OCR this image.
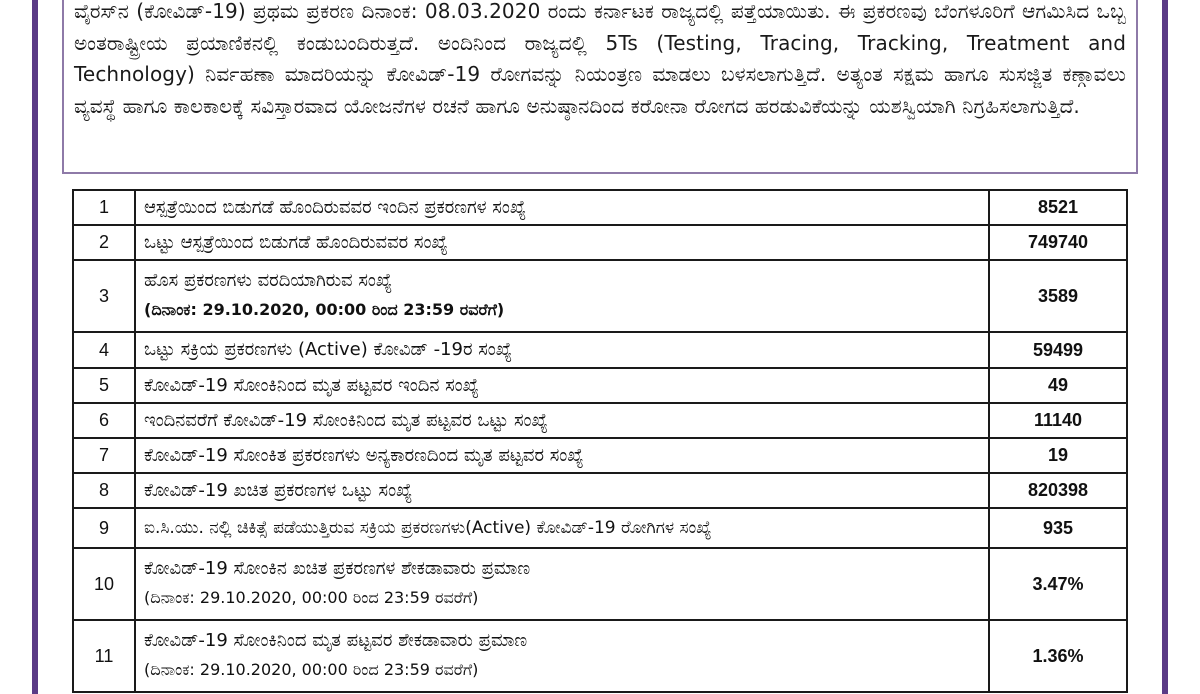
ವೈರಸ್‌ನ (ಕೋವಿಡ್-19) ಪ್ರಥಮ ಪ್ರಕರಣ ದಿನಾಂಕ: 08.03.2020 ರಂದು ಕರ್ನಾಟಕ ರಾಜ್ಯದಲ್ಲಿ ಪತ್ತೆಯಾಯಿತು. ಈ ಪ್ರಕರಣವು ಬೆಂಗಳೂರಿಗೆ ಆಗಮಿಸಿದ ಒಬ್ಬ ಅಂತರಾಷ್ಟ್ರೀಯ ಪ್ರಯಾಣಿಕನಲ್ಲಿ ಕಂಡುಬಂದಿರುತ್ತದೆ. ಅಂದಿನಿಂದ ರಾಜ್ಯದಲ್ಲಿ 5Ts (Testing, Tracing, Tracking, Treatment and Technology) ನಿರ್ವಹಣಾ ಮಾದರಿಯನ್ನು ಕೋವಿಡ್-19 ರೋಗವನ್ನು ನಿಯಂತ್ರಣ ಮಾಡಲು ಬಳಸಲಾಗುತ್ತಿದೆ. ಅತ್ಯಂತ ಸಕ್ಷಮ ಹಾಗೂ ಸುಸಜ್ಜಿತ ಕಣ್ಗಾವಲು ವ್ಯವಸ್ಥೆ ಹಾಗೂ ಕಾಲಕಾಲಕ್ಕೆ ಸವಿಸ್ತಾರವಾದ ಯೋಜನೆಗಳ ರಚನೆ ಹಾಗೂ ಅನುಷ್ಠಾನದಿಂದ ಕರೋನಾ ರೋಗದ ಹರಡುವಿಕೆಯನ್ನು ಯಶಸ್ವಿಯಾಗಿ ನಿಗ್ರಹಿಸಲಾಗುತ್ತಿದೆ.

1	ಆಸ್ಪತ್ರೆಯಿಂದ ಬಿಡುಗಡೆ ಹೊಂದಿರುವವರ ಇಂದಿನ ಪ್ರಕರಣಗಳ ಸಂಖ್ಯೆ	8521
2	ಒಟ್ಟು ಆಸ್ಪತ್ರೆಯಿಂದ ಬಿಡುಗಡೆ ಹೊಂದಿರುವವರ ಸಂಖ್ಯೆ	749740
3	ಹೊಸ ಪ್ರಕರಣಗಳು ವರದಿಯಾಗಿರುವ ಸಂಖ್ಯೆ
(ದಿನಾಂಕ: 29.10.2020, 00:00 ರಿಂದ 23:59 ರವರೆಗೆ)	3589
4	ಒಟ್ಟು ಸಕ್ರಿಯ ಪ್ರಕರಣಗಳು (Active) ಕೋವಿಡ್ -19ರ ಸಂಖ್ಯೆ	59499
5	ಕೋವಿಡ್-19 ಸೋಂಕಿನಿಂದ ಮೃತ ಪಟ್ಟವರ ಇಂದಿನ ಸಂಖ್ಯೆ	49
6	ಇಂದಿನವರೆಗೆ ಕೋವಿಡ್-19 ಸೋಂಕಿನಿಂದ ಮೃತ ಪಟ್ಟವರ ಒಟ್ಟು ಸಂಖ್ಯೆ	11140
7	ಕೋವಿಡ್-19 ಸೋಂಕಿತ ಪ್ರಕರಣಗಳು ಅನ್ಯಕಾರಣದಿಂದ ಮೃತ ಪಟ್ಟವರ ಸಂಖ್ಯೆ	19
8	ಕೋವಿಡ್-19 ಖಚಿತ ಪ್ರಕರಣಗಳ ಒಟ್ಟು ಸಂಖ್ಯೆ	820398
9	ಐ.ಸಿ.ಯು. ನಲ್ಲಿ ಚಿಕಿತ್ಸೆ ಪಡೆಯುತ್ತಿರುವ ಸಕ್ರಿಯ ಪ್ರಕರಣಗಳು(Active) ಕೋವಿಡ್-19 ರೋಗಿಗಳ ಸಂಖ್ಯೆ	935
10	ಕೋವಿಡ್-19 ಸೋಂಕಿನ ಖಚಿತ ಪ್ರಕರಣಗಳ ಶೇಕಡಾವಾರು ಪ್ರಮಾಣ
(ದಿನಾಂಕ: 29.10.2020, 00:00 ರಿಂದ 23:59 ರವರೆಗೆ)	3.47%
11	ಕೋವಿಡ್-19 ಸೋಂಕಿನಿಂದ ಮೃತ ಪಟ್ಟವರ ಶೇಕಡಾವಾರು ಪ್ರಮಾಣ
(ದಿನಾಂಕ: 29.10.2020, 00:00 ರಿಂದ 23:59 ರವರೆಗೆ)	1.36%
